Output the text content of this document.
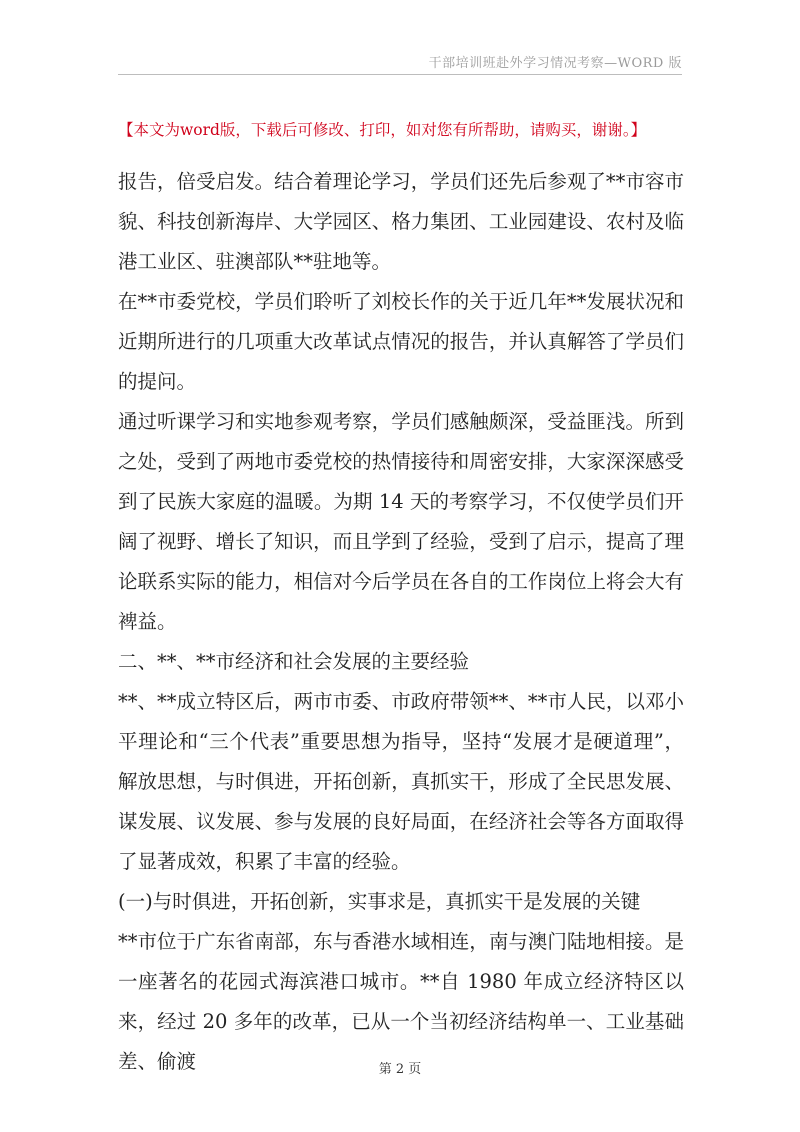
干部培训班赴外学习情况考察—WORD 版
【本文为word版，下载后可修改、打印，如对您有所帮助，请购买，谢谢。】

报告，倍受启发。结合着理论学习，学员们还先后参观了**市容市貌、科技创新海岸、大学园区、格力集团、工业园建设、农村及临港工业区、驻澳部队**驻地等。

在**市委党校，学员们聆听了刘校长作的关于近几年**发展状况和近期所进行的几项重大改革试点情况的报告，并认真解答了学员们的提问。

通过听课学习和实地参观考察，学员们感触颇深，受益匪浅。所到之处，受到了两地市委党校的热情接待和周密安排，大家深深感受到了民族大家庭的温暖。为期 14 天的考察学习，不仅使学员们开阔了视野、增长了知识，而且学到了经验，受到了启示，提高了理论联系实际的能力，相信对今后学员在各自的工作岗位上将会大有裨益。

二、**、**市经济和社会发展的主要经验

**、**成立特区后，两市市委、市政府带领**、**市人民，以邓小平理论和“三个代表”重要思想为指导，坚持“发展才是硬道理”，解放思想，与时俱进，开拓创新，真抓实干，形成了全民思发展、谋发展、议发展、参与发展的良好局面，在经济社会等各方面取得了显著成效，积累了丰富的经验。

(一)与时俱进，开拓创新，实事求是，真抓实干是发展的关键

**市位于广东省南部，东与香港水域相连，南与澳门陆地相接。是一座著名的花园式海滨港口城市。**自 1980 年成立经济特区以来，经过 20 多年的改革，已从一个当初经济结构单一、工业基础差、偷渡	第 2 页
